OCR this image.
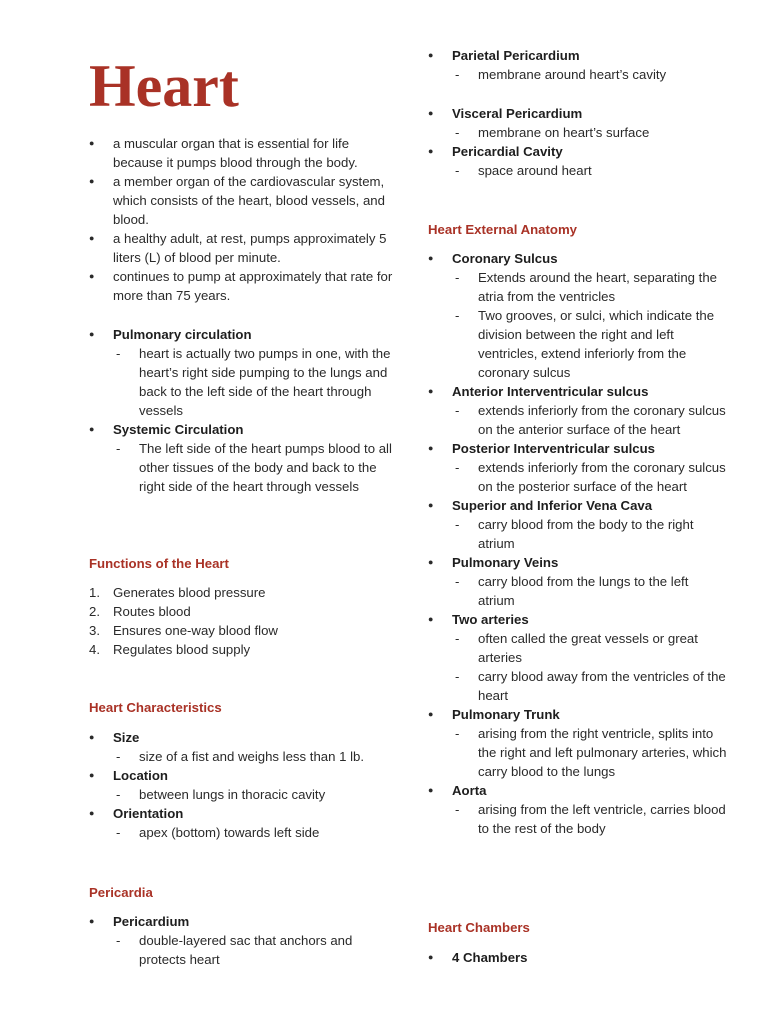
Heart
●	a muscular organ that is essential for life because it pumps blood through the body.
●	a member organ of the cardiovascular system, which consists of the heart, blood vessels, and blood.
●	a healthy adult, at rest, pumps approximately 5 liters (L) of blood per minute.
●	continues to pump at approximately that rate for more than 75 years.
●	Pulmonary circulation
- heart is actually two pumps in one, with the heart’s right side pumping to the lungs and back to the left side of the heart through vessels
●	Systemic Circulation
- The left side of the heart pumps blood to all other tissues of the body and back to the right side of the heart through vessels
Functions of the Heart
1. Generates blood pressure
2. Routes blood
3. Ensures one-way blood flow
4. Regulates blood supply
Heart Characteristics
●	Size
- size of a fist and weighs less than 1 lb.
●	Location
- between lungs in thoracic cavity
●	Orientation
- apex (bottom) towards left side
Pericardia
●	Pericardium
- double-layered sac that anchors and protects heart
●	Parietal Pericardium
- membrane around heart’s cavity
●	Visceral Pericardium
- membrane on heart’s surface
●	Pericardial Cavity
- space around heart
Heart External Anatomy
●	Coronary Sulcus
- Extends around the heart, separating the atria from the ventricles
- Two grooves, or sulci, which indicate the division between the right and left ventricles, extend inferiorly from the coronary sulcus
●	Anterior Interventricular sulcus
- extends inferiorly from the coronary sulcus on the anterior surface of the heart
●	Posterior Interventricular sulcus
- extends inferiorly from the coronary sulcus on the posterior surface of the heart
●	Superior and Inferior Vena Cava
- carry blood from the body to the right atrium
●	Pulmonary Veins
- carry blood from the lungs to the left atrium
●	Two arteries
- often called the great vessels or great arteries
- carry blood away from the ventricles of the heart
●	Pulmonary Trunk
- arising from the right ventricle, splits into the right and left pulmonary arteries, which carry blood to the lungs
●	Aorta
- arising from the left ventricle, carries blood to the rest of the body
Heart Chambers
●	4 Chambers
